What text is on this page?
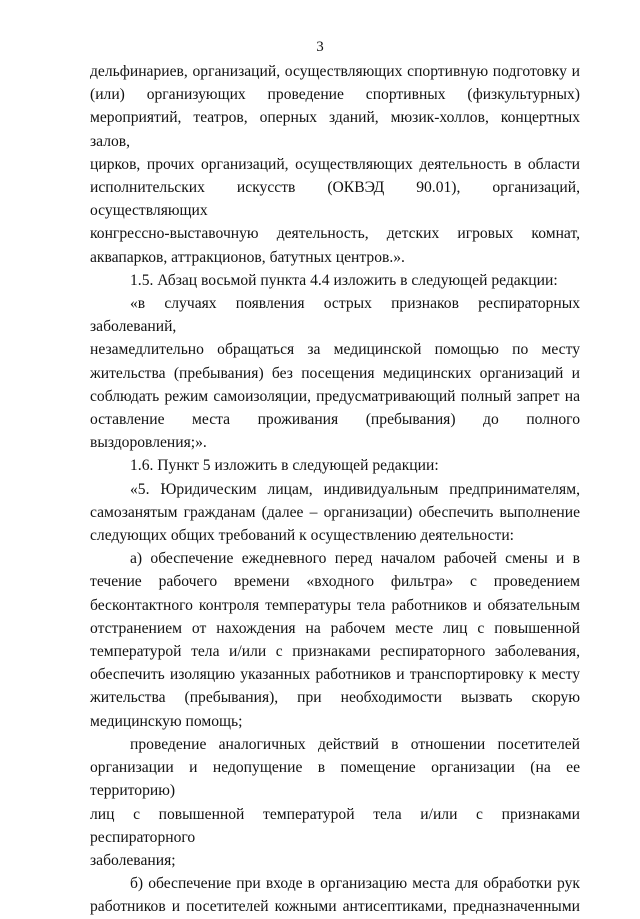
3

дельфинариев, организаций, осуществляющих спортивную подготовку и

(или) организующих проведение спортивных (физкультурных)

мероприятий, театров, оперных зданий, мюзик-холлов, концертных залов,

цирков, прочих организаций, осуществляющих деятельность в области

исполнительских искусств (ОКВЭД 90.01), организаций, осуществляющих

конгрессно-выставочную деятельность, детских игровых комнат,

аквапарков, аттракционов, батутных центров.».

1.5. Абзац восьмой пункта 4.4 изложить в следующей редакции:

«в случаях появления острых признаков респираторных заболеваний,

незамедлительно обращаться за медицинской помощью по месту

жительства (пребывания) без посещения медицинских организаций и

соблюдать режим самоизоляции, предусматривающий полный запрет на

оставление места проживания (пребывания) до полного выздоровления;».

1.6. Пункт 5 изложить в следующей редакции:

«5. Юридическим лицам, индивидуальным предпринимателям,

самозанятым гражданам (далее – организации) обеспечить выполнение

следующих общих требований к осуществлению деятельности:

а) обеспечение ежедневного перед началом рабочей смены и в

течение рабочего времени «входного фильтра» с проведением

бесконтактного контроля температуры тела работников и обязательным

отстранением от нахождения на рабочем месте лиц с повышенной

температурой тела и/или с признаками респираторного заболевания,

обеспечить изоляцию указанных работников и транспортировку к месту

жительства (пребывания), при необходимости вызвать скорую

медицинскую помощь;

проведение аналогичных действий в отношении посетителей

организации и недопущение в помещение организации (на ее территорию)

лиц с повышенной температурой тела и/или с признаками респираторного

заболевания;

б) обеспечение при входе в организацию места для обработки рук

работников и посетителей кожными антисептиками, предназначенными
